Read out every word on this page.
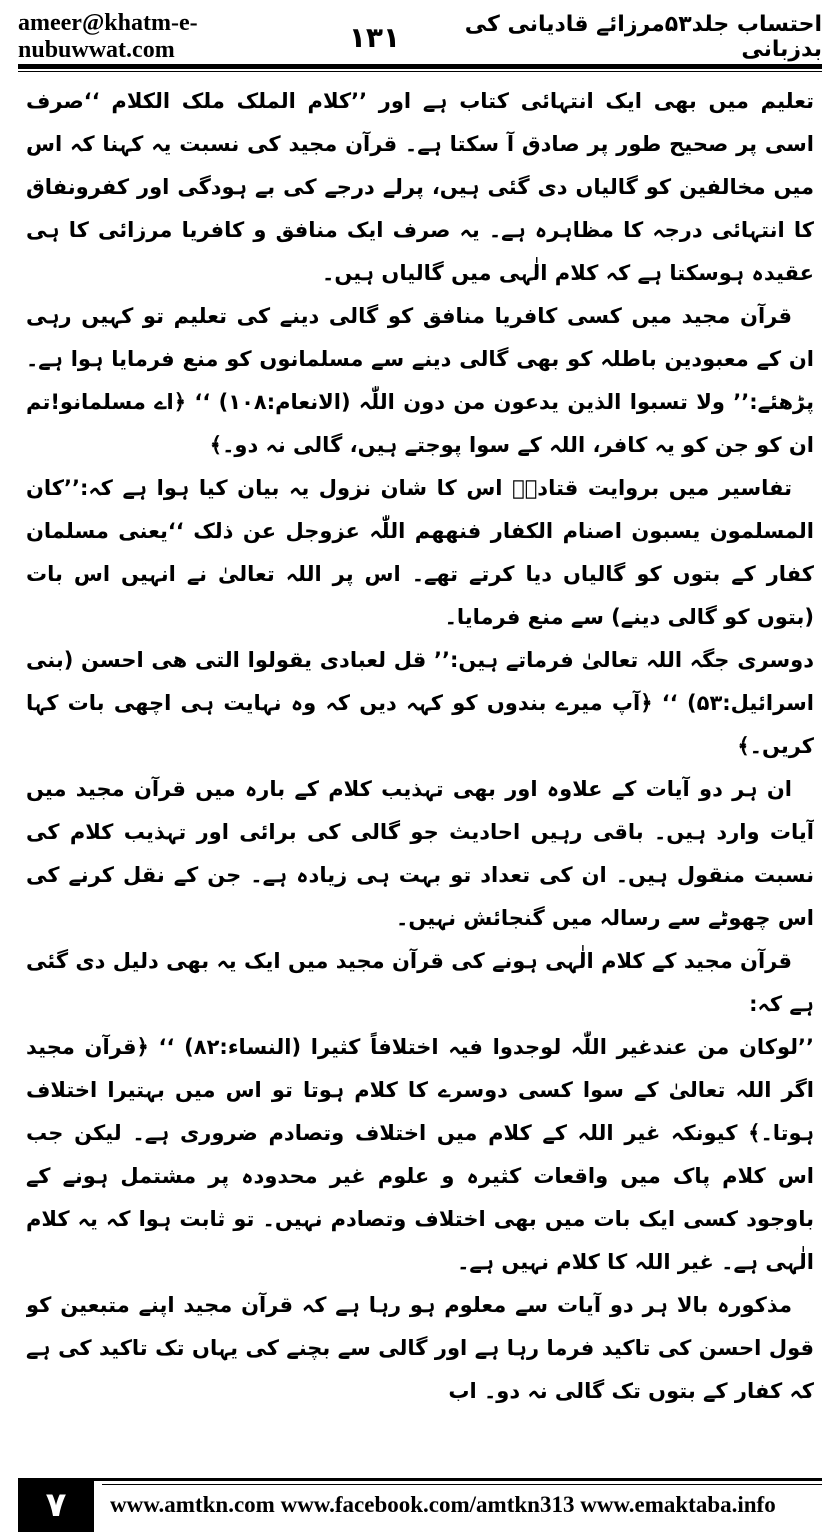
ameer@khatm-e-nubuwwat.com	۱۳۱	احتساب جلد۵۳مرزائے قادیانی کی بدزبانی

تعلیم میں بھی ایک انتہائی کتاب ہے اور ’’کلام الملک ملک الکلام ‘‘صرف اسی پر صحیح طور پر صادق آ سکتا ہے۔ قرآن مجید کی نسبت یہ کہنا کہ اس میں مخالفین کو گالیاں دی گئی ہیں، پرلے درجے کی بے ہودگی اور کفرونفاق کا انتہائی درجہ کا مظاہرہ ہے۔ یہ صرف ایک منافق و کافریا مرزائی کا ہی عقیدہ ہوسکتا ہے کہ کلام الٰہی میں گالیاں ہیں۔

قرآن مجید میں کسی کافریا منافق کو گالی دینے کی تعلیم تو کہیں رہی ان کے معبودین باطلہ کو بھی گالی دینے سے مسلمانوں کو منع فرمایا ہوا ہے۔ پڑھئے:’’ ولا تسبوا الذین یدعون من دون اللّٰہ (الانعام:۱۰۸) ‘‘ ﴿اے مسلمانو!تم ان کو جن کو یہ کافر، اللہ کے سوا پوجتے ہیں، گالی نہ دو۔﴾

تفاسیر میں بروایت قتادہؒ اس کا شان نزول یہ بیان کیا ہوا ہے کہ:’’کان المسلمون یسبون اصنام الکفار فنھھم اللّٰہ عزوجل عن ذلک ‘‘یعنی مسلمان کفار کے بتوں کو گالیاں دیا کرتے تھے۔ اس پر اللہ تعالیٰ نے انہیں اس بات (بتوں کو گالی دینے) سے منع فرمایا۔

دوسری جگہ اللہ تعالیٰ فرماتے ہیں:’’ قل لعبادی یقولوا التی ھی احسن (بنی اسرائیل:۵۳) ‘‘ ﴿آپ میرے بندوں کو کہہ دیں کہ وہ نہایت ہی اچھی بات کہا کریں۔﴾

ان ہر دو آیات کے علاوہ اور بھی تہذیب کلام کے بارہ میں قرآن مجید میں آیات وارد ہیں۔ باقی رہیں احادیث جو گالی کی برائی اور تہذیب کلام کی نسبت منقول ہیں۔ ان کی تعداد تو بہت ہی زیادہ ہے۔ جن کے نقل کرنے کی اس چھوٹے سے رسالہ میں گنجائش نہیں۔

قرآن مجید کے کلام الٰہی ہونے کی قرآن مجید میں ایک یہ بھی دلیل دی گئی ہے کہ:

’’لوکان من عندغیر اللّٰہ لوجدوا فیہ اختلافاً کثیرا (النساء:۸۲) ‘‘ ﴿قرآن مجید اگر اللہ تعالیٰ کے سوا کسی دوسرے کا کلام ہوتا تو اس میں بہتیرا اختلاف ہوتا۔﴾ کیونکہ غیر اللہ کے کلام میں اختلاف وتصادم ضروری ہے۔ لیکن جب اس کلام پاک میں واقعات کثیرہ و علوم غیر محدودہ پر مشتمل ہونے کے باوجود کسی ایک بات میں بھی اختلاف وتصادم نہیں۔ تو ثابت ہوا کہ یہ کلام الٰہی ہے۔ غیر اللہ کا کلام نہیں ہے۔

مذکورہ بالا ہر دو آیات سے معلوم ہو رہا ہے کہ قرآن مجید اپنے متبعین کو قول احسن کی تاکید فرما رہا ہے اور گالی سے بچنے کی یہاں تک تاکید کی ہے کہ کفار کے بتوں تک گالی نہ دو۔ اب

۷	www.amtkn.com www.facebook.com/amtkn313 www.emaktaba.info
